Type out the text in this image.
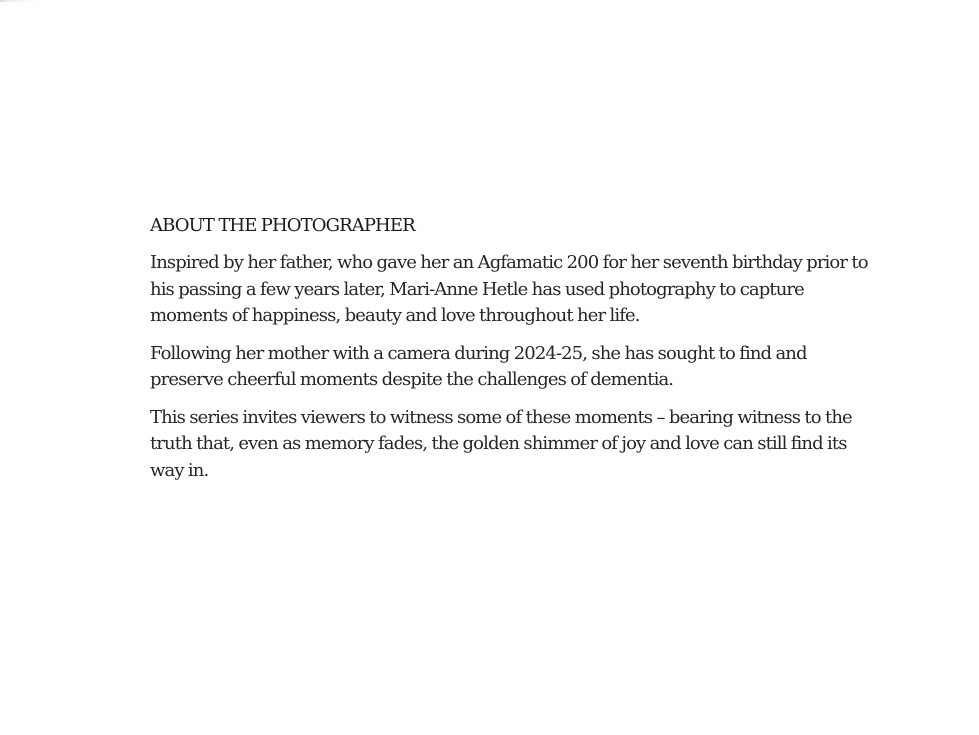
ABOUT THE PHOTOGRAPHER

Inspired by her father, who gave her an Agfamatic 200 for her seventh birthday prior to his passing a few years later, Mari-Anne Hetle has used photography to capture moments of happiness, beauty and love throughout her life.

Following her mother with a camera during 2024-25, she has sought to find and preserve cheerful moments despite the challenges of dementia.

This series invites viewers to witness some of these moments – bearing witness to the truth that, even as memory fades, the golden shimmer of joy and love can still find its way in.
